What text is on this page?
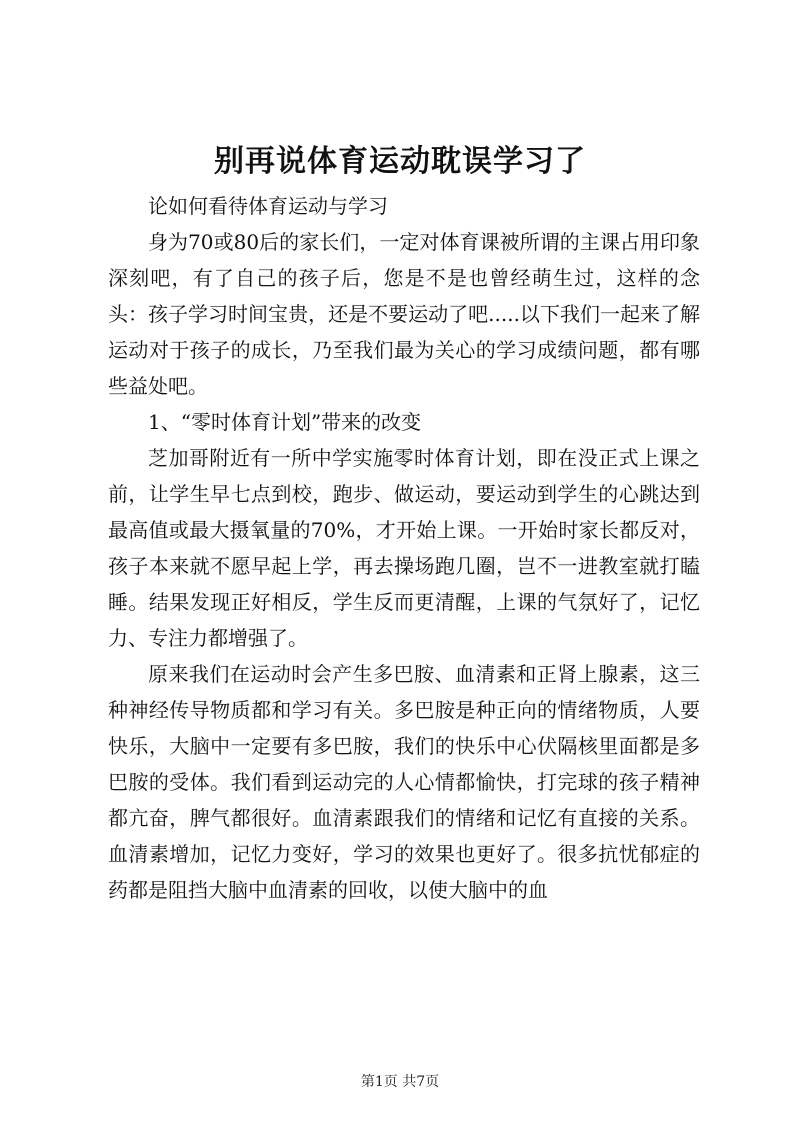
别再说体育运动耽误学习了

论如何看待体育运动与学习

身为70或80后的家长们，一定对体育课被所谓的主课占用印象深刻吧，有了自己的孩子后，您是不是也曾经萌生过，这样的念头：孩子学习时间宝贵，还是不要运动了吧.....以下我们一起来了解运动对于孩子的成长，乃至我们最为关心的学习成绩问题，都有哪些益处吧。

1、“零时体育计划”带来的改变

芝加哥附近有一所中学实施零时体育计划，即在没正式上课之前，让学生早七点到校，跑步、做运动，要运动到学生的心跳达到最高值或最大摄氧量的70%，才开始上课。一开始时家长都反对，孩子本来就不愿早起上学，再去操场跑几圈，岂不一进教室就打瞌睡。结果发现正好相反，学生反而更清醒，上课的气氛好了，记忆力、专注力都增强了。

原来我们在运动时会产生多巴胺、血清素和正肾上腺素，这三种神经传导物质都和学习有关。多巴胺是种正向的情绪物质，人要快乐，大脑中一定要有多巴胺，我们的快乐中心伏隔核里面都是多巴胺的受体。我们看到运动完的人心情都愉快，打完球的孩子精神都亢奋，脾气都很好。血清素跟我们的情绪和记忆有直接的关系。血清素增加，记忆力变好，学习的效果也更好了。很多抗忧郁症的药都是阻挡大脑中血清素的回收，以使大脑中的血

第1页 共7页
